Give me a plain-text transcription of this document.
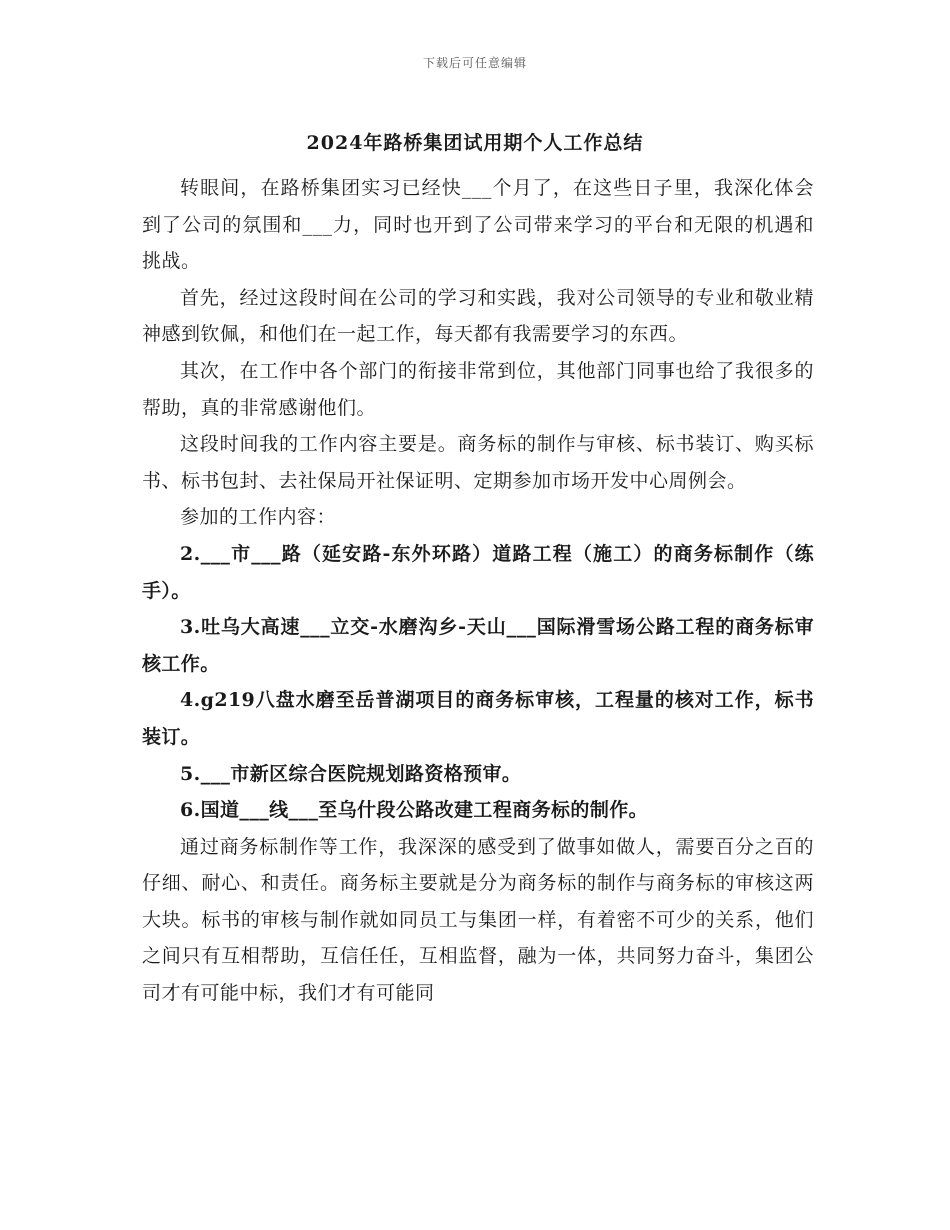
下载后可任意编辑
2024年路桥集团试用期个人工作总结

转眼间，在路桥集团实习已经快___个月了，在这些日子里，我深化体会到了公司的氛围和___力，同时也开到了公司带来学习的平台和无限的机遇和挑战。

首先，经过这段时间在公司的学习和实践，我对公司领导的专业和敬业精神感到钦佩，和他们在一起工作，每天都有我需要学习的东西。

其次，在工作中各个部门的衔接非常到位，其他部门同事也给了我很多的帮助，真的非常感谢他们。

这段时间我的工作内容主要是。商务标的制作与审核、标书装订、购买标书、标书包封、去社保局开社保证明、定期参加市场开发中心周例会。

参加的工作内容：

2.___市___路（延安路-东外环路）道路工程（施工）的商务标制作（练手）。

3.吐乌大高速___立交-水磨沟乡-天山___国际滑雪场公路工程的商务标审核工作。

4.g219八盘水磨至岳普湖项目的商务标审核，工程量的核对工作，标书装订。

5.___市新区综合医院规划路资格预审。

6.国道___线___至乌什段公路改建工程商务标的制作。

通过商务标制作等工作，我深深的感受到了做事如做人，需要百分之百的仔细、耐心、和责任。商务标主要就是分为商务标的制作与商务标的审核这两大块。标书的审核与制作就如同员工与集团一样，有着密不可少的关系，他们之间只有互相帮助，互信任任，互相监督，融为一体，共同努力奋斗，集团公司才有可能中标，我们才有可能同
